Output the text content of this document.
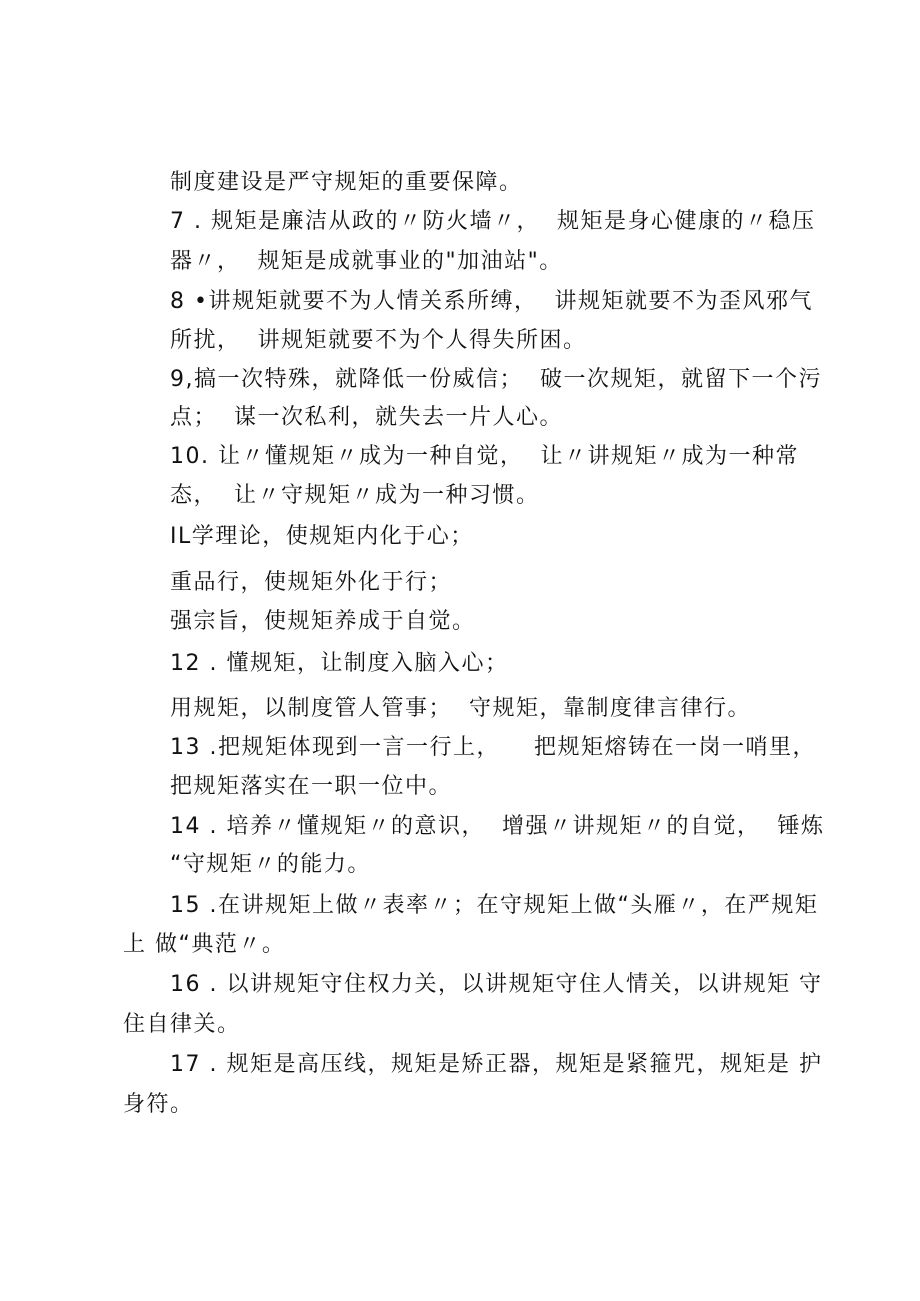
制度建设是严守规矩的重要保障。
7 . 规矩是廉洁从政的〃防火墙〃，  规矩是身心健康的〃稳压
器〃，  规矩是成就事业的"加油站"。
8 •讲规矩就要不为人情关系所缚，  讲规矩就要不为歪风邪气
所扰，  讲规矩就要不为个人得失所困。
9,搞一次特殊，就降低一份威信；  破一次规矩，就留下一个污
点；  谋一次私利，就失去一片人心。
10. 让〃懂规矩〃成为一种自觉，  让〃讲规矩〃成为一种常
态，  让〃守规矩〃成为一种习惯。
IL学理论，使规矩内化于心；
重品行，使规矩外化于行；
强宗旨，使规矩养成于自觉。
12 . 懂规矩，让制度入脑入心；
用规矩，以制度管人管事；  守规矩，靠制度律言律行。
13 .把规矩体现到一言一行上，    把规矩熔铸在一岗一哨里，
把规矩落实在一职一位中。
14 . 培养〃懂规矩〃的意识，  增强〃讲规矩〃的自觉，  锤炼
“守规矩〃的能力。
15 .在讲规矩上做〃表率〃；在守规矩上做“头雁〃，在严规矩
上 做“典范〃。
16 . 以讲规矩守住权力关，以讲规矩守住人情关，以讲规矩 守
住自律关。
17 . 规矩是高压线，规矩是矫正器，规矩是紧箍咒，规矩是 护
身符。
